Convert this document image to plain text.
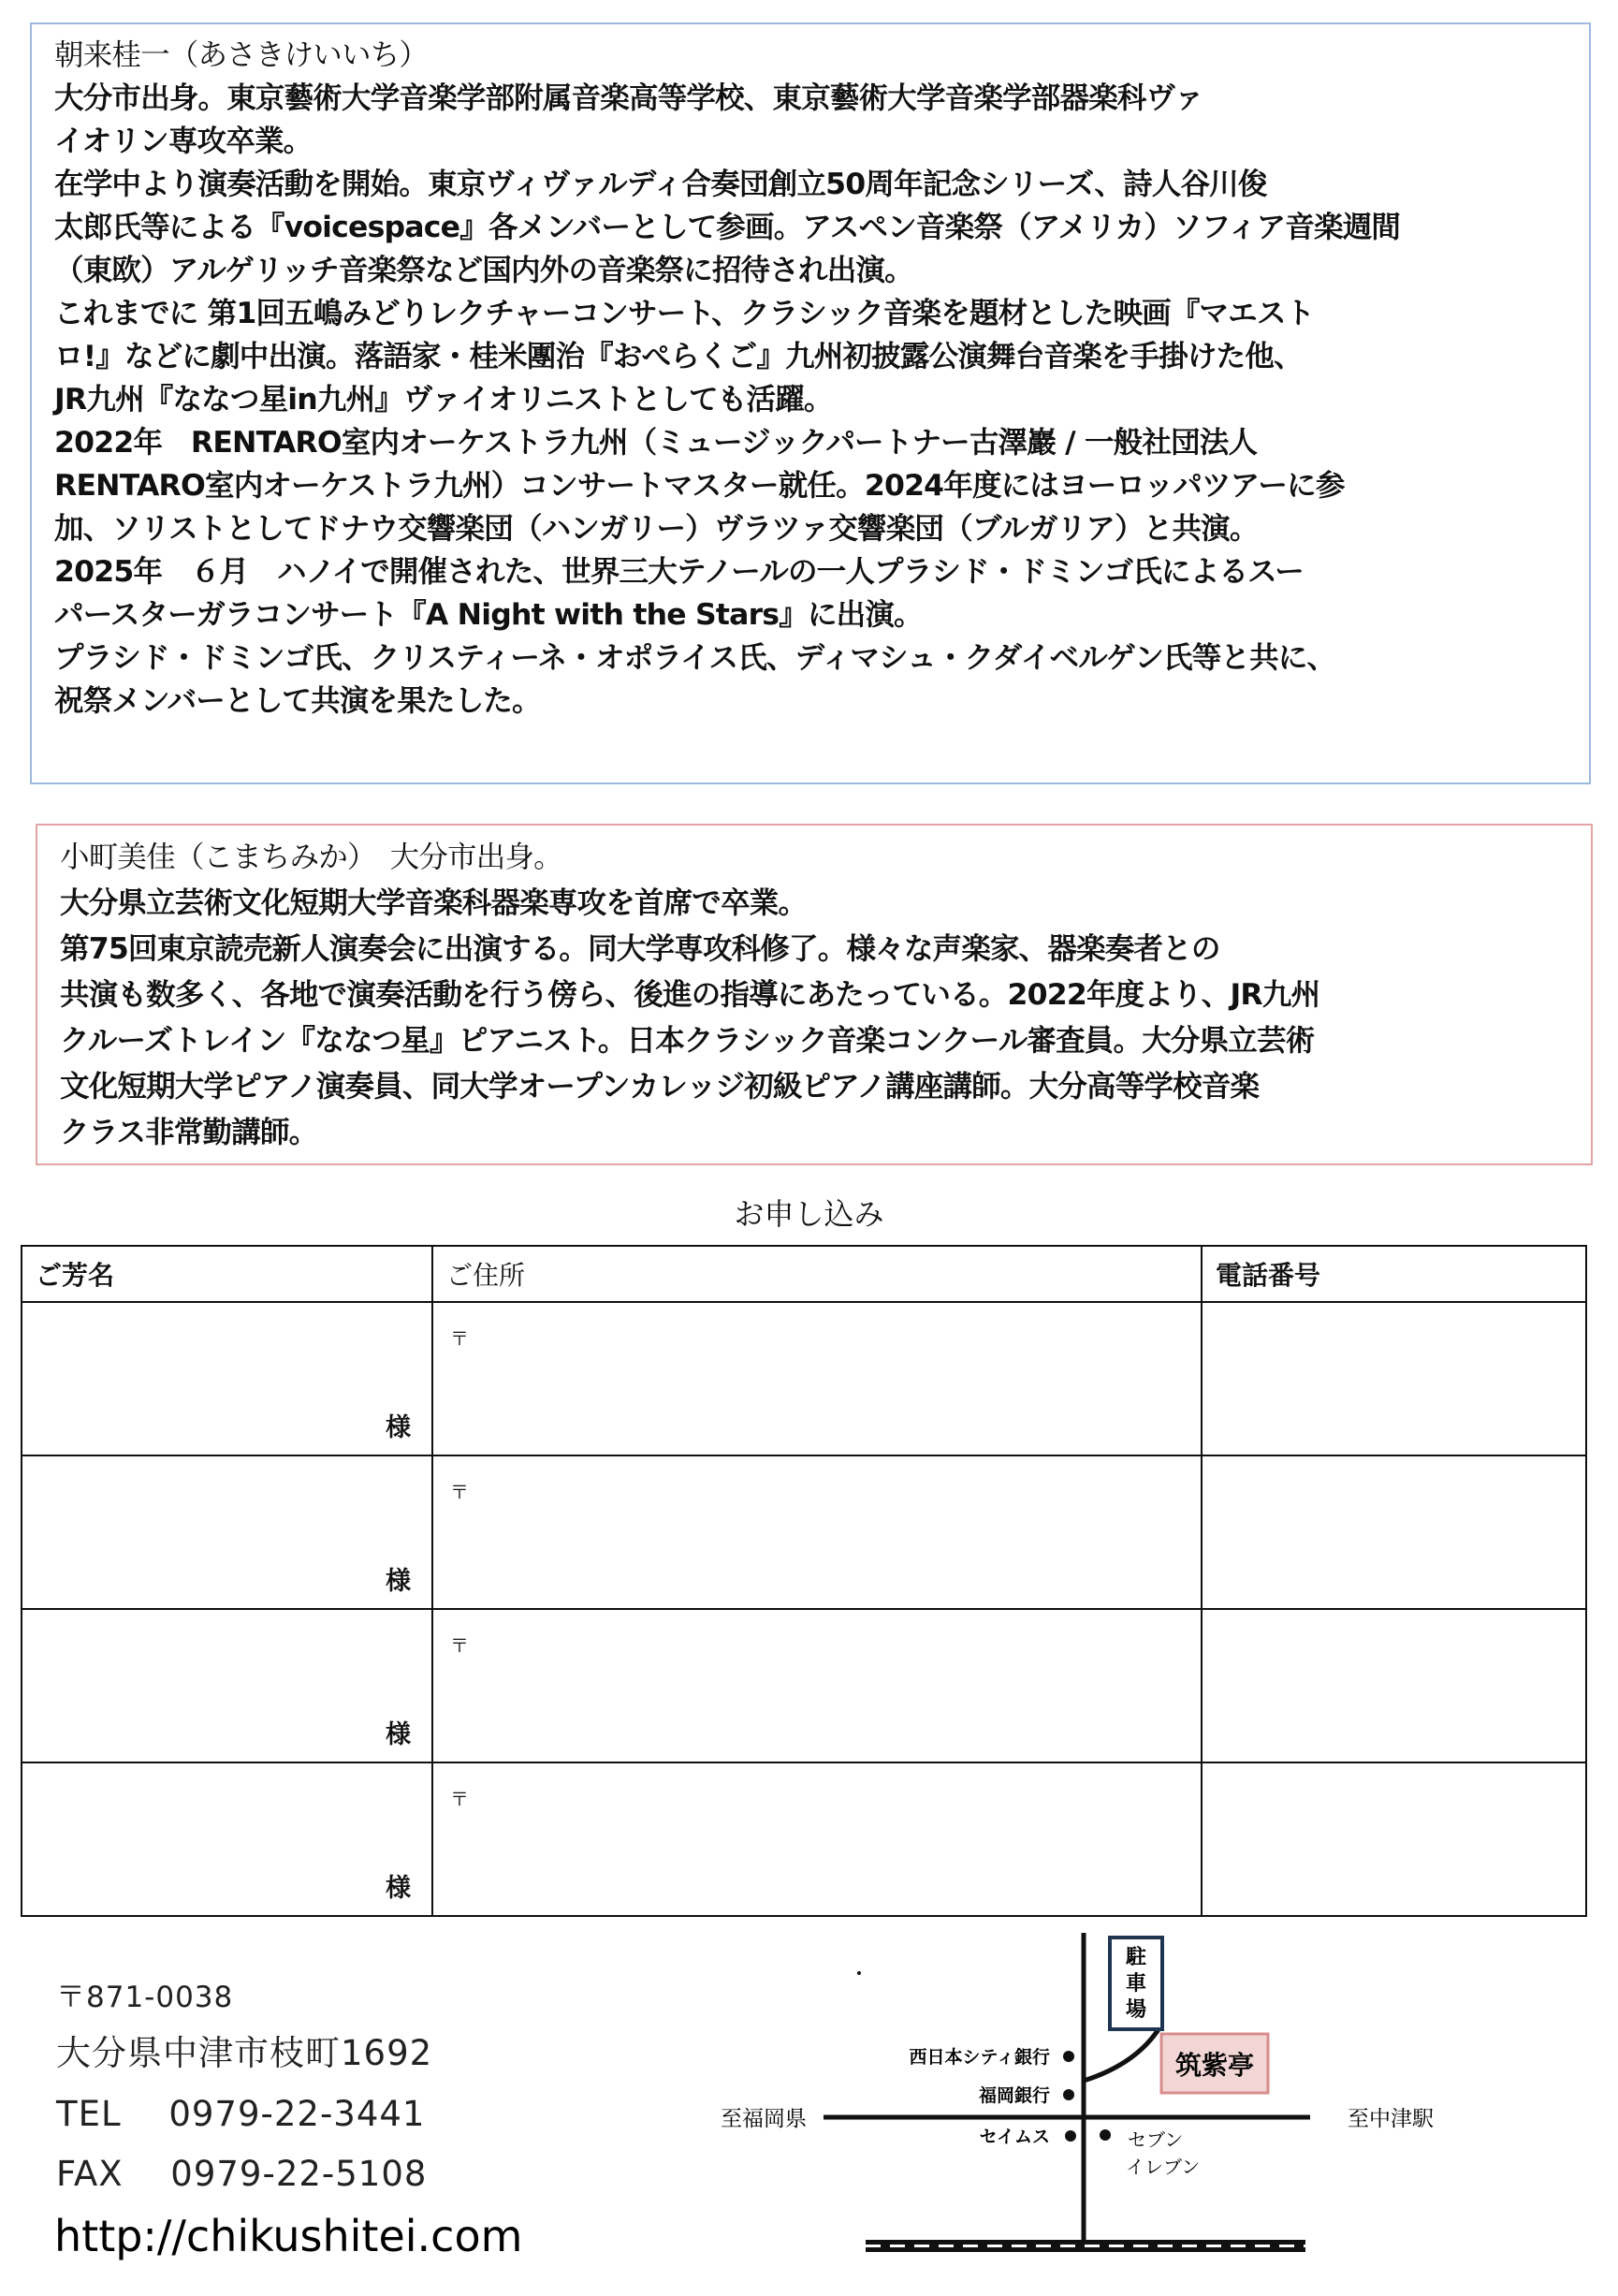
朝来桂一（あさきけいいち）

大分市出身。東京藝術大学音楽学部附属音楽高等学校、東京藝術大学音楽学部器楽科ヴァ

イオリン専攻卒業。

在学中より演奏活動を開始。東京ヴィヴァルディ合奏団創立50周年記念シリーズ、詩人谷川俊

太郎氏等による『voicespace』各メンバーとして参画。アスペン音楽祭（アメリカ）ソフィア音楽週間

（東欧）アルゲリッチ音楽祭など国内外の音楽祭に招待され出演。

これまでに 第1回五嶋みどりレクチャーコンサート、クラシック音楽を題材とした映画『マエスト

ロ!』などに劇中出演。落語家・桂米團治『おぺらくご』九州初披露公演舞台音楽を手掛けた他、

JR九州『ななつ星in九州』ヴァイオリニストとしても活躍。

2022年　RENTARO室内オーケストラ九州（ミュージックパートナー古澤巖 / 一般社団法人

RENTARO室内オーケストラ九州）コンサートマスター就任。2024年度にはヨーロッパツアーに参

加、ソリストとしてドナウ交響楽団（ハンガリー）ヴラツァ交響楽団（ブルガリア）と共演。

2025年　６月　ハノイで開催された、世界三大テノールの一人プラシド・ドミンゴ氏によるスー

パースターガラコンサート『A Night with the Stars』に出演。

プラシド・ドミンゴ氏、クリスティーネ・オポライス氏、ディマシュ・クダイベルゲン氏等と共に、

祝祭メンバーとして共演を果たした。

小町美佳（こまちみか）　大分市出身。

大分県立芸術文化短期大学音楽科器楽専攻を首席で卒業。

第75回東京読売新人演奏会に出演する。同大学専攻科修了。様々な声楽家、器楽奏者との

共演も数多く、各地で演奏活動を行う傍ら、後進の指導にあたっている。2022年度より、JR九州

クルーズトレイン『ななつ星』ピアニスト。日本クラシック音楽コンクール審査員。大分県立芸術

文化短期大学ピアノ演奏員、同大学オープンカレッジ初級ピアノ講座講師。大分高等学校音楽

クラス非常勤講師。

お申し込み
ご芳名	ご住所	電話番号

様	〒	

様	〒	

様	〒	

様	〒	

〒871-0038
大分県中津市枝町1692
TEL　 0979-22-3441
FAX　 0979-22-5108
http://chikushitei.com
駐
車
場
筑紫亭
西日本シティ銀行
福岡銀行
至福岡県	至中津駅
セイムス	セブン
イレブン
